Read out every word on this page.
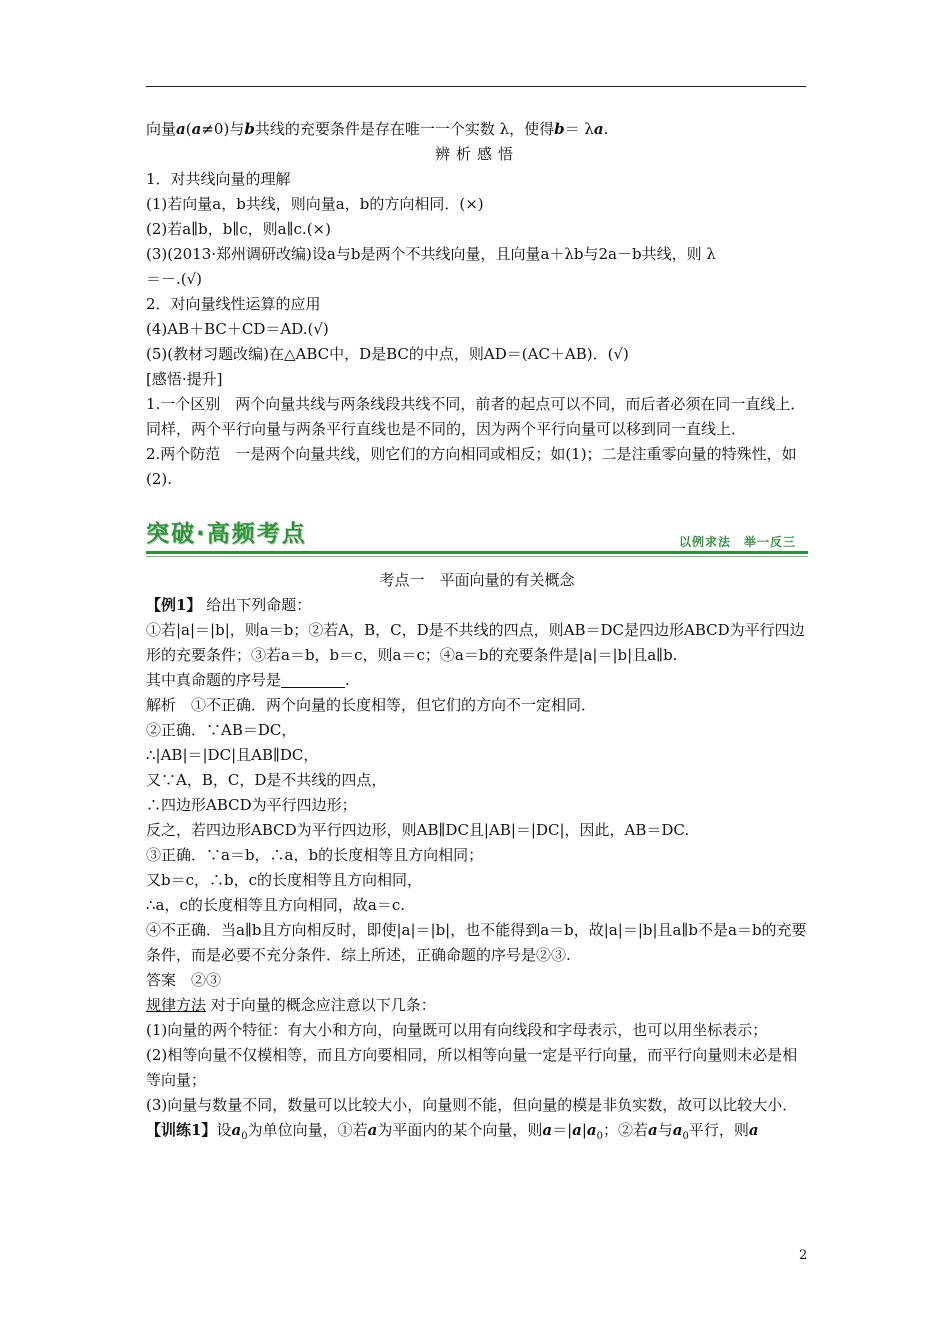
向量a(a≠0)与b共线的充要条件是存在唯一一个实数 λ，使得b＝ λa.
辨析感悟
1．对共线向量的理解
(1)若向量a，b共线，则向量a，b的方向相同．(×)
(2)若a∥b，b∥c，则a∥c.(×)
(3)(2013·郑州调研改编)设a与b是两个不共线向量，且向量a＋λb与2a－b共线，则 λ
＝－.(√)
2．对向量线性运算的应用
(4)AB＋BC＋CD＝AD.(√)
(5)(教材习题改编)在△ABC中，D是BC的中点，则AD＝(AC＋AB)．(√)
[感悟·提升]
1.一个区别　两个向量共线与两条线段共线不同，前者的起点可以不同，而后者必须在同一直线上．同样，两个平行向量与两条平行直线也是不同的，因为两个平行向量可以移到同一直线上．
2.两个防范　一是两个向量共线，则它们的方向相同或相反；如(1)；二是注重零向量的特殊性，如(2).
突破·高频考点	以例求法　举一反三
考点一　平面向量的有关概念
【例1】 给出下列命题：
①若|a|＝|b|，则a＝b；②若A，B，C，D是不共线的四点，则AB＝DC是四边形ABCD为平行四边形的充要条件；③若a＝b，b＝c，则a＝c；④a＝b的充要条件是|a|＝|b|且a∥b.
其中真命题的序号是	.
解析　①不正确．两个向量的长度相等，但它们的方向不一定相同．
②正确．∵AB＝DC，
∴|AB|＝|DC|且AB∥DC，
又∵A，B，C，D是不共线的四点，
∴四边形ABCD为平行四边形；
反之，若四边形ABCD为平行四边形，则AB∥DC且|AB|＝|DC|，因此，AB＝DC.
③正确．∵a＝b，∴a，b的长度相等且方向相同；
又b＝c，∴b，c的长度相等且方向相同，
∴a，c的长度相等且方向相同，故a＝c.
④不正确．当a∥b且方向相反时，即使|a|＝|b|，也不能得到a＝b，故|a|＝|b|且a∥b不是a＝b的充要条件，而是必要不充分条件．综上所述，正确命题的序号是②③.
答案　②③
规律方法 对于向量的概念应注意以下几条：
(1)向量的两个特征：有大小和方向，向量既可以用有向线段和字母表示，也可以用坐标表示；
(2)相等向量不仅模相等，而且方向要相同，所以相等向量一定是平行向量，而平行向量则未必是相等向量；
(3)向量与数量不同，数量可以比较大小，向量则不能，但向量的模是非负实数，故可以比较大小．
【训练1】设$a_0$为单位向量，①若a为平面内的某个向量，则$a=|a|a_0$；②若a与$a_0$平行，则a
2
